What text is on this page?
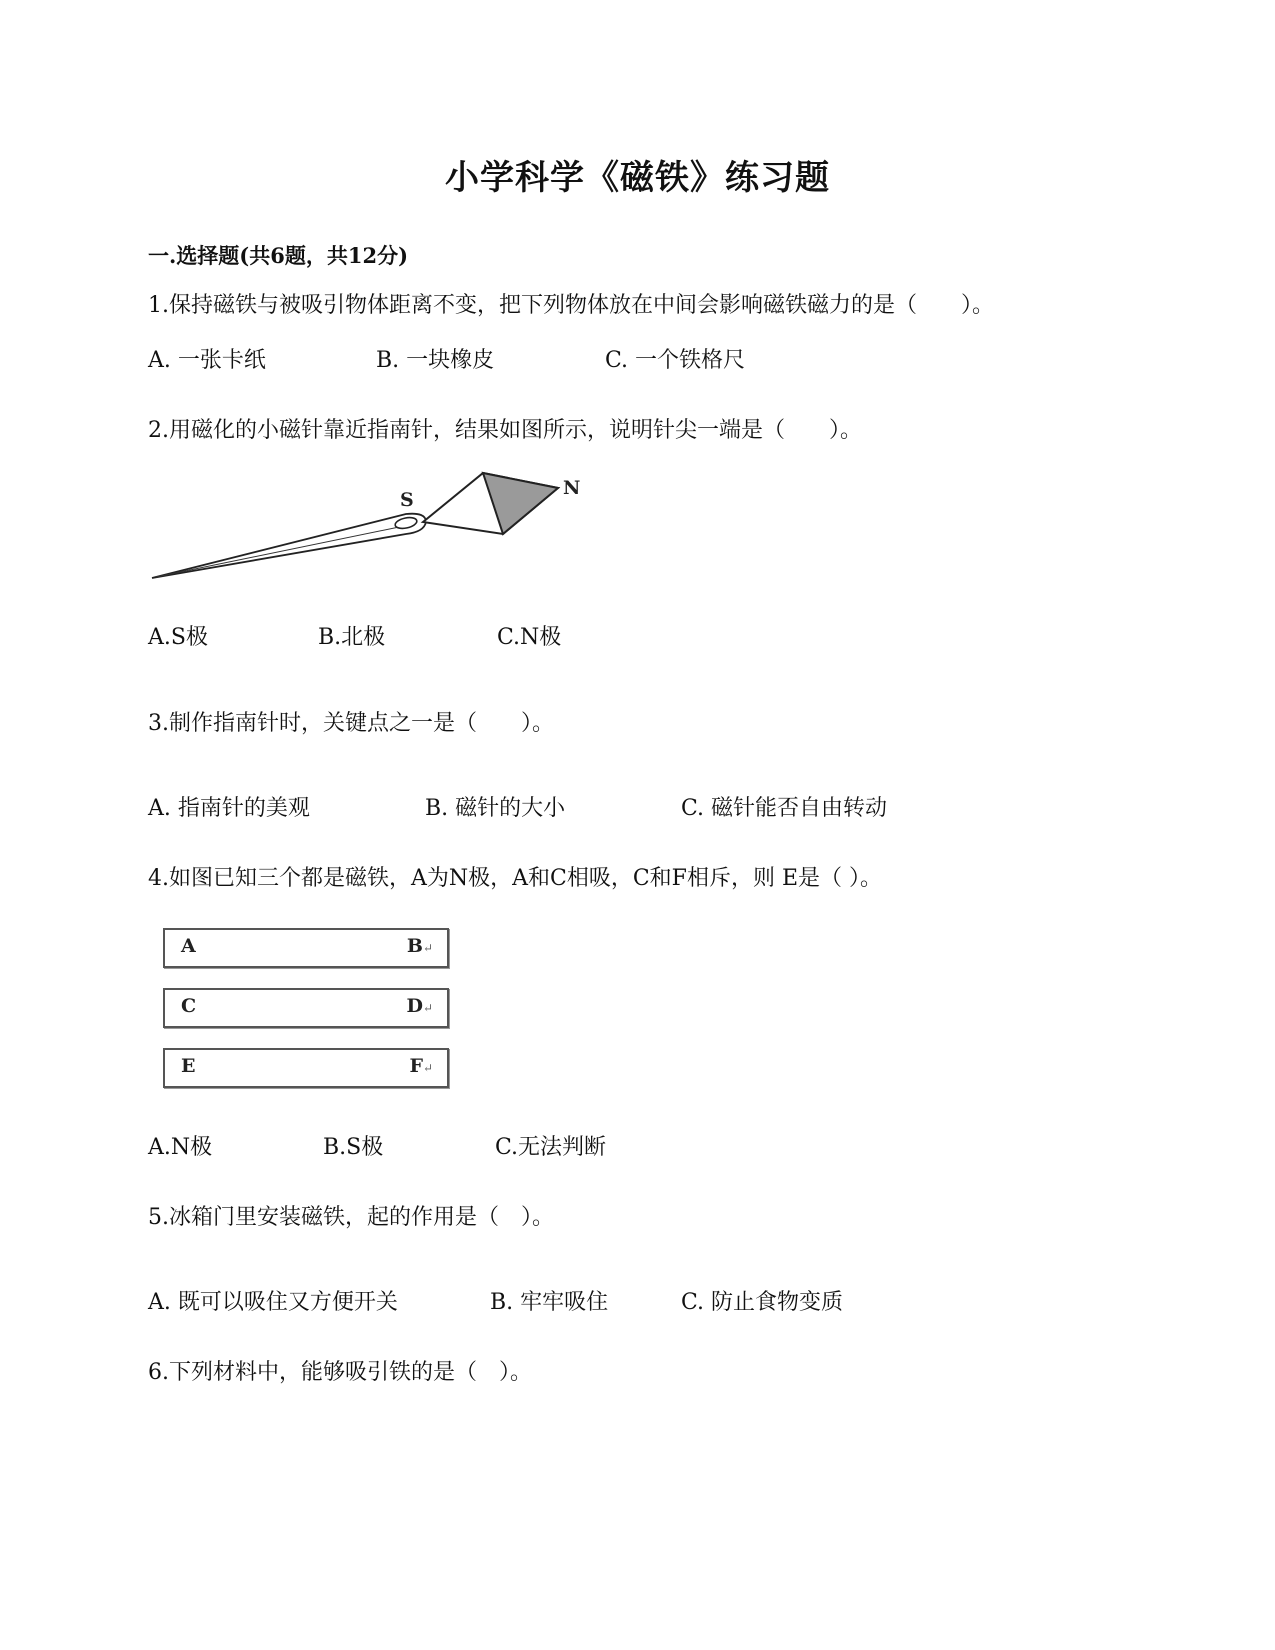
小学科学《磁铁》练习题
一.选择题(共6题，共12分)
1.保持磁铁与被吸引物体距离不变，把下列物体放在中间会影响磁铁磁力的是（　　）。
A. 一张卡纸	B. 一块橡皮	C. 一个铁格尺
2.用磁化的小磁针靠近指南针，结果如图所示，说明针尖一端是（　　）。
S
N
A.S极	B.北极	C.N极
3.制作指南针时，关键点之一是（　　）。
A. 指南针的美观	B. 磁针的大小	C. 磁针能否自由转动
4.如图已知三个都是磁铁，A为N极，A和C相吸，C和F相斥，则 E是（ ）。
A	B↵
C	D↵
E	F↵
A.N极	B.S极	C.无法判断
5.冰箱门里安装磁铁，起的作用是（　）。
A. 既可以吸住又方便开关	B. 牢牢吸住	C. 防止食物变质
6.下列材料中，能够吸引铁的是（　）。
